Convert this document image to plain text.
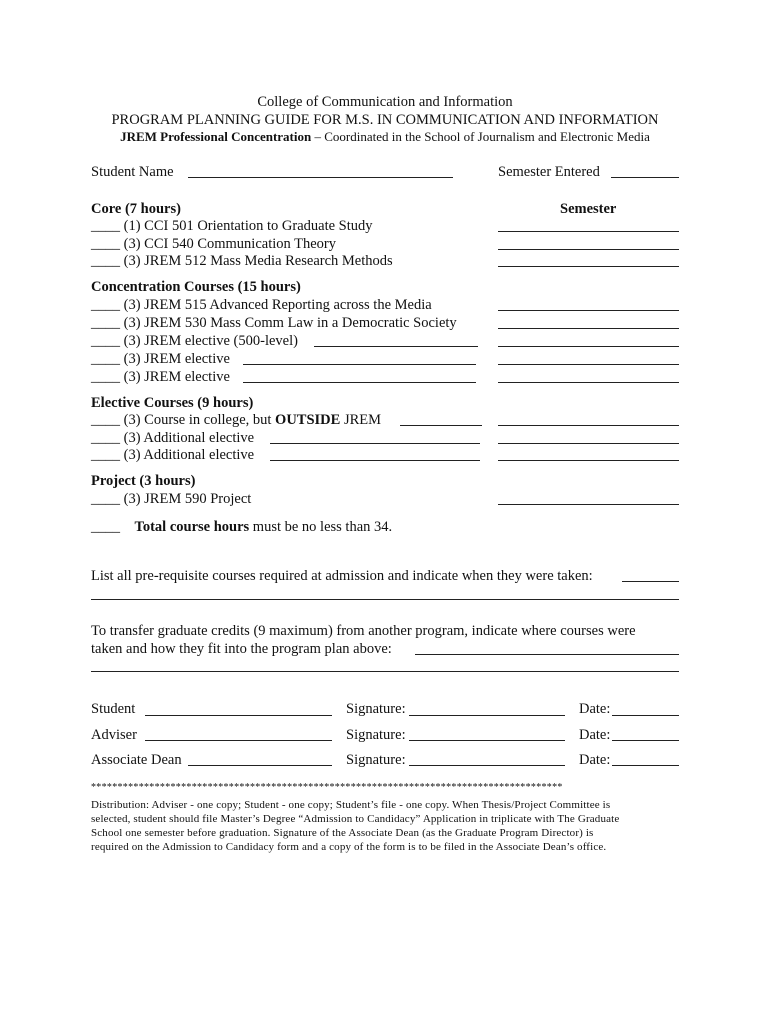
College of Communication and Information
PROGRAM PLANNING GUIDE FOR M.S. IN COMMUNICATION AND INFORMATION
JREM Professional Concentration – Coordinated in the School of Journalism and Electronic Media
Student Name	Semester Entered
Core (7 hours)	Semester
____ (1) CCI 501 Orientation to Graduate Study
____ (3) CCI 540 Communication Theory
____ (3) JREM 512 Mass Media Research Methods
Concentration Courses (15 hours)
____ (3) JREM 515 Advanced Reporting across the Media
____ (3) JREM 530 Mass Comm Law in a Democratic Society
____ (3) JREM elective (500-level)
____ (3) JREM elective
____ (3) JREM elective
Elective Courses (9 hours)
____ (3) Course in college, but OUTSIDE JREM
____ (3) Additional elective
____ (3) Additional elective
Project (3 hours)
____ (3) JREM 590 Project
____ Total course hours must be no less than 34.
List all pre-requisite courses required at admission and indicate when they were taken:
To transfer graduate credits (9 maximum) from another program, indicate where courses were
taken and how they fit into the program plan above:
Student	Signature:	Date:
Adviser	Signature:	Date:
Associate Dean	Signature:	Date:
*****************************************************************************************
Distribution: Adviser - one copy; Student - one copy; Student’s file - one copy. When Thesis/Project Committee is
selected, student should file Master’s Degree “Admission to Candidacy” Application in triplicate with The Graduate
School one semester before graduation. Signature of the Associate Dean (as the Graduate Program Director) is
required on the Admission to Candidacy form and a copy of the form is to be filed in the Associate Dean’s office.
